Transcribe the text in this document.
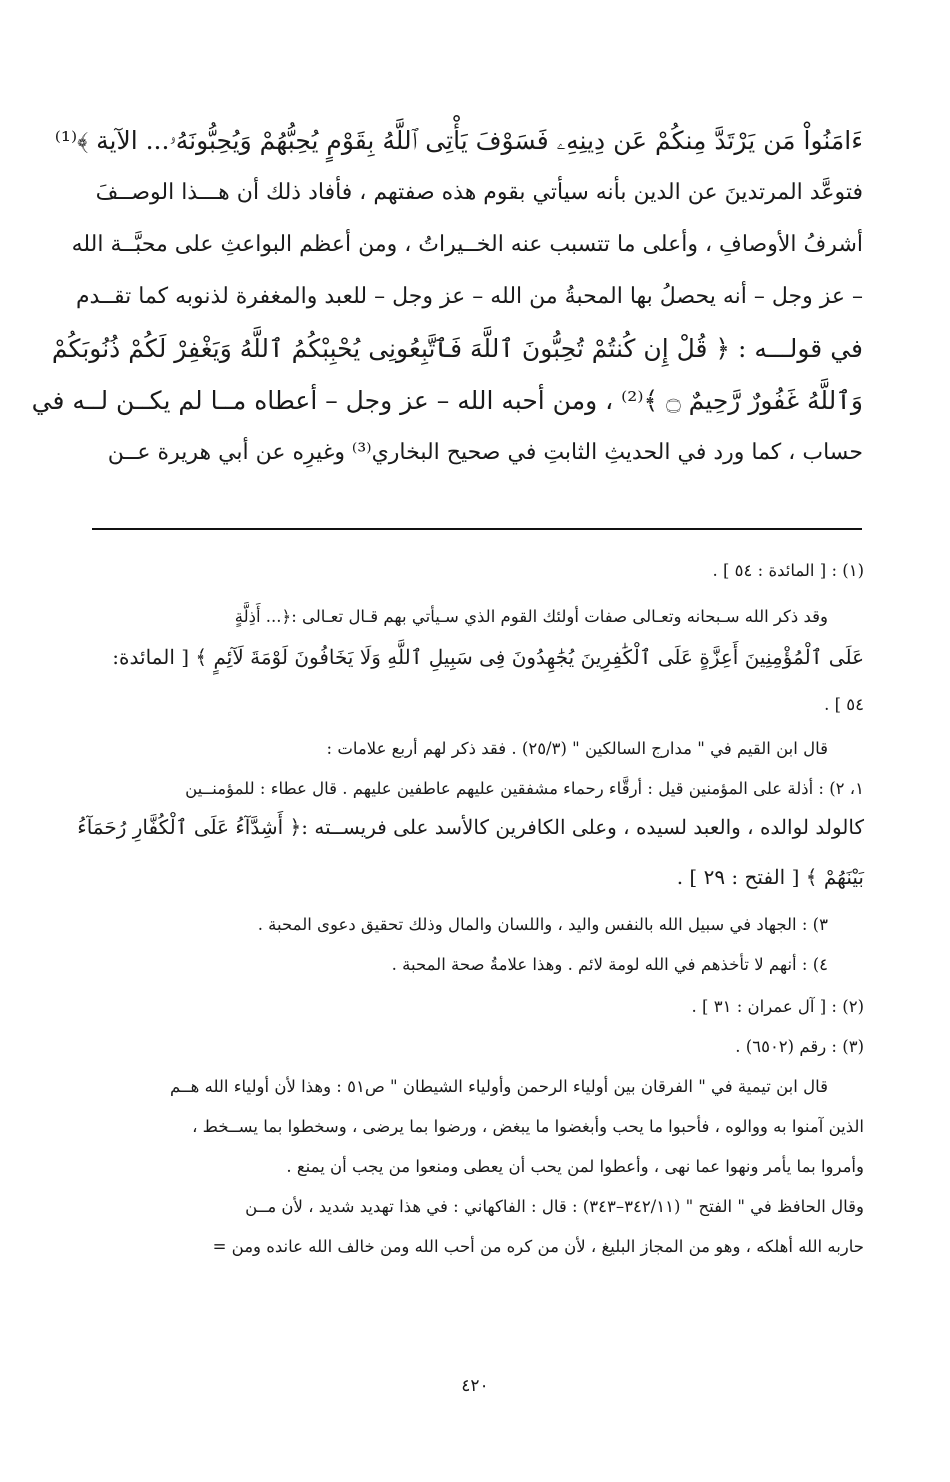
ءَامَنُواْ مَن يَرْتَدَّ مِنكُمْ عَن دِينِهِۦ فَسَوْفَ يَأْتِى ٱللَّهُ بِقَوْمٍ يُحِبُّهُمْ وَيُحِبُّونَهُۥ... الآية ﴾⁽¹⁾
فتوعَّد المرتدينَ عن الدين بأنه سيأتي بقوم هذه صفتهم ، فأفاد ذلك أن هـــذا الوصــفَ
أشرفُ الأوصافِ ، وأعلى ما تتسبب عنه الخــيراتُ ، ومن أعظم البواعثِ على محبَّــة الله
– عز وجل – أنه يحصلُ بها المحبةُ من الله – عز وجل – للعبد والمغفرة لذنوبه كما تقــدم
في قولـــه : ﴿ قُلْ إِن كُنتُمْ تُحِبُّونَ ٱللَّهَ فَٱتَّبِعُونِى يُحْبِبْكُمُ ٱللَّهُ وَيَغْفِرْ لَكُمْ ذُنُوبَكُمْ
وَٱللَّهُ غَفُورٌ رَّحِيمٌ ۝ ﴾⁽²⁾ ، ومن أحبه الله – عز وجل – أعطاه مــا لم يكــن لــه في
حساب ، كما ورد في الحديثِ الثابتِ في صحيح البخاري⁽³⁾ وغيرِه عن أبي هريرة عــن
(١) : [ المائدة : ٥٤ ] .
وقد ذكر الله سـبحانه وتعـالى صفات أولئك القوم الذي سـيأتي بهم قـال تعـالى :﴿... أَذِلَّةٍ
عَلَى ٱلْمُؤْمِنِينَ أَعِزَّةٍ عَلَى ٱلْكَٰفِرِينَ يُجَٰهِدُونَ فِى سَبِيلِ ٱللَّهِ وَلَا يَخَافُونَ لَوْمَةَ لَآئِمٍ ﴾ [ المائدة:
٥٤ ] .
قال ابن القيم في " مدارج السالكين " (٢٥/٣) . فقد ذكر لهم أربع علامات :
١، ٢) : أذلة على المؤمنين قيل : أرقَّاء رحماء مشفقين عليهم عاطفين عليهم . قال عطاء : للمؤمنــين
كالولد لوالده ، والعبد لسيده ، وعلى الكافرين كالأسد على فريســته :﴿ أَشِدَّآءُ عَلَى ٱلْكُفَّارِ رُحَمَآءُ
بَيْنَهُمْ ﴾ [ الفتح : ٢٩ ] .
٣) : الجهاد في سبيل الله بالنفس واليد ، واللسان والمال وذلك تحقيق دعوى المحبة .
٤) : أنهم لا تأخذهم في الله لومة لائم . وهذا علامةُ صحة المحبة .
(٢) : [ آل عمران : ٣١ ] .
(٣) : رقم (٦٥٠٢) .
قال ابن تيمية في " الفرقان بين أولياء الرحمن وأولياء الشيطان " ص٥١ : وهذا لأن أولياء الله هــم
الذين آمنوا به ووالوه ، فأحبوا ما يحب وأبغضوا ما يبغض ، ورضوا بما يرضى ، وسخطوا بما يســخط ،
وأمروا بما يأمر ونهوا عما نهى ، وأعطوا لمن يحب أن يعطى ومنعوا من يجب أن يمنع .
وقال الحافظ في " الفتح " (٣٤٢/١١–٣٤٣) : قال : الفاكهاني : في هذا تهديد شديد ، لأن مــن
حاربه الله أهلكه ، وهو من المجاز البليغ ، لأن من كره من أحب الله ومن خالف الله عانده ومن =
٤٢٠
